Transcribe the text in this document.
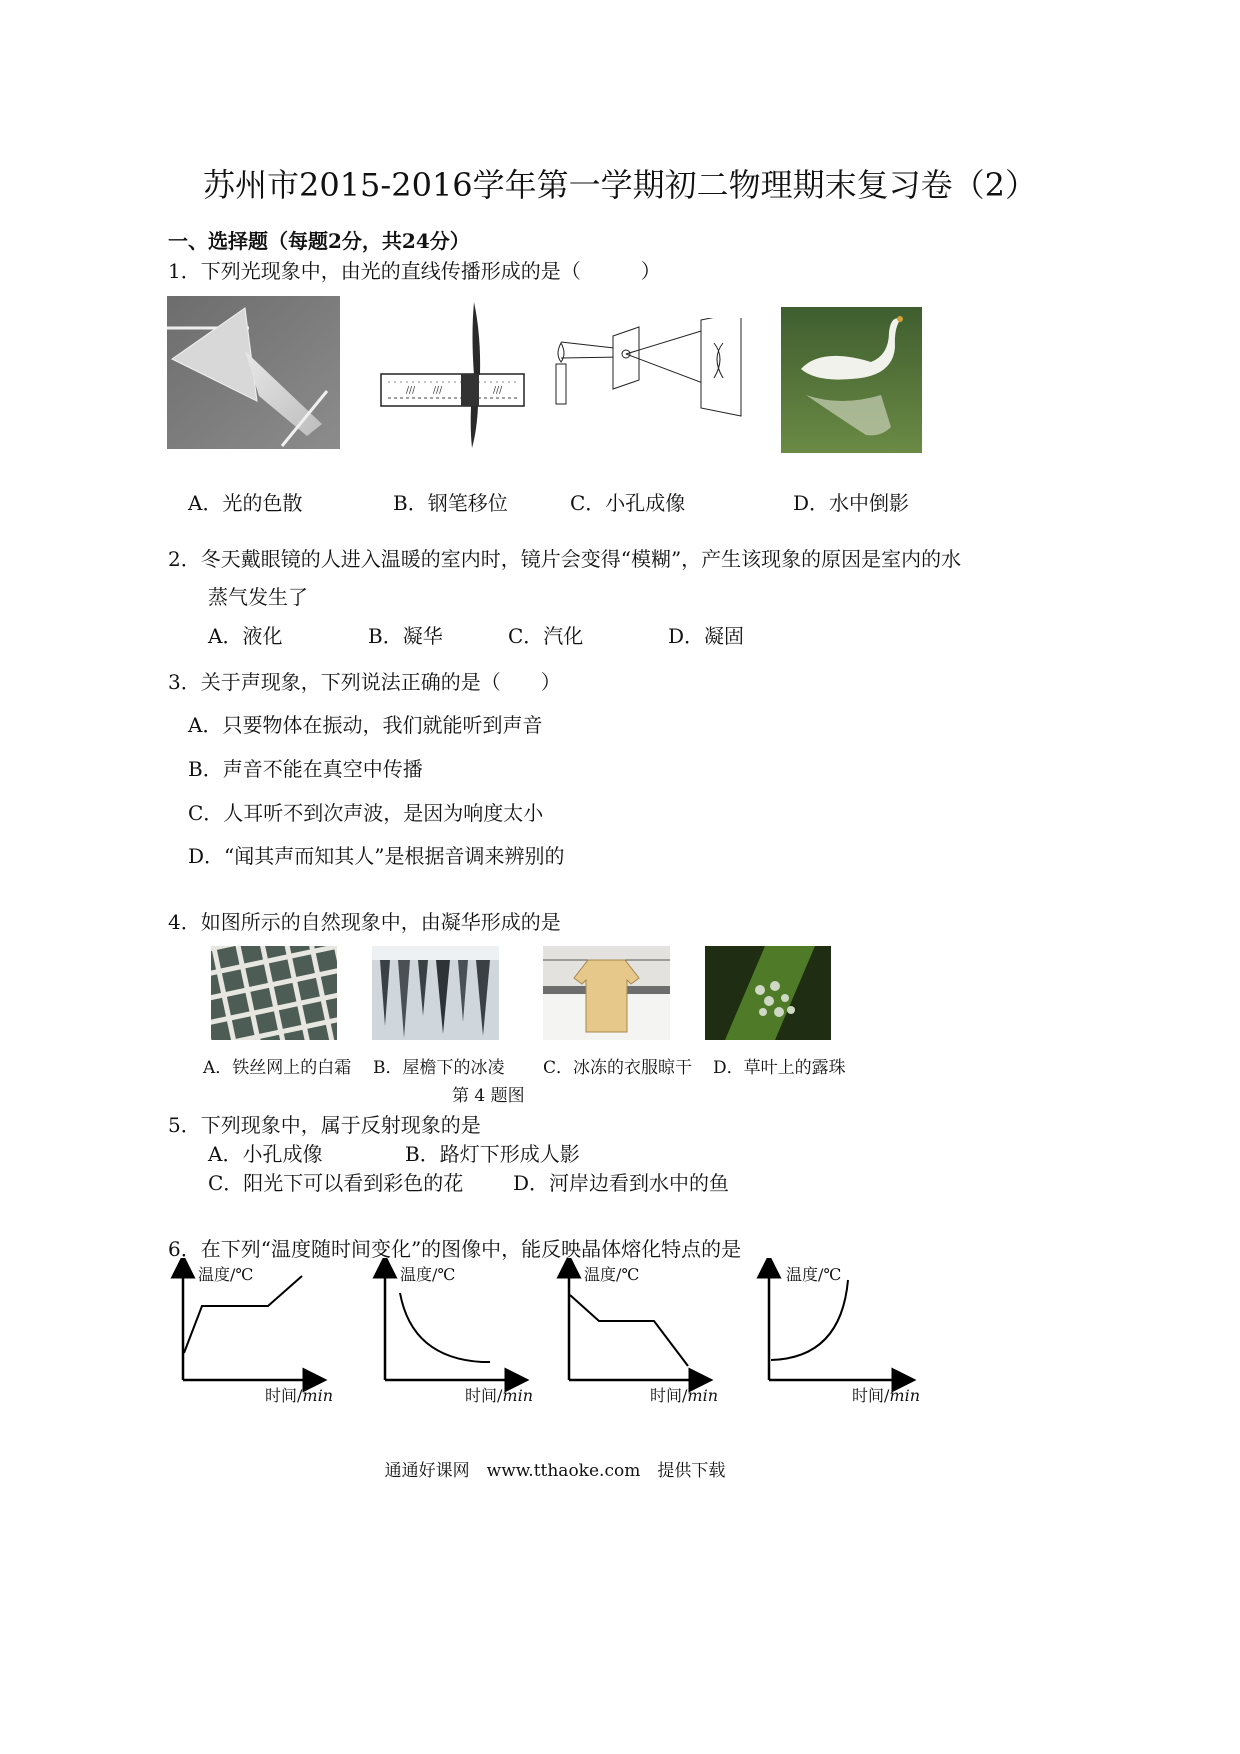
苏州市2015-2016学年第一学期初二物理期末复习卷（2）
一、选择题（每题2分，共24分）
1．下列光现象中，由光的直线传播形成的是（　　　）
/// ///	///
A．光的色散	B．钢笔移位	C．小孔成像	D．水中倒影
2．冬天戴眼镜的人进入温暖的室内时，镜片会变得“模糊”，产生该现象的原因是室内的水
蒸气发生了
A．液化	B．凝华	C．汽化	D．凝固
3．关于声现象，下列说法正确的是（　　）
A．只要物体在振动，我们就能听到声音
B．声音不能在真空中传播
C．人耳听不到次声波，是因为响度太小
D．“闻其声而知其人”是根据音调来辨别的
4．如图所示的自然现象中，由凝华形成的是
A．铁丝网上的白霜 B．屋檐下的冰凌 C．冰冻的衣服晾干 D．草叶上的露珠
第 4 题图
5．下列现象中，属于反射现象的是
A．小孔成像	B．路灯下形成人影
C．阳光下可以看到彩色的花 D．河岸边看到水中的鱼
6．在下列“温度随时间变化”的图像中，能反映晶体熔化特点的是
温度/℃
时间/min
温度/℃
时间/min
温度/℃
时间/min
温度/℃
时间/min
通通好课网　www.tthaoke.com　提供下载
